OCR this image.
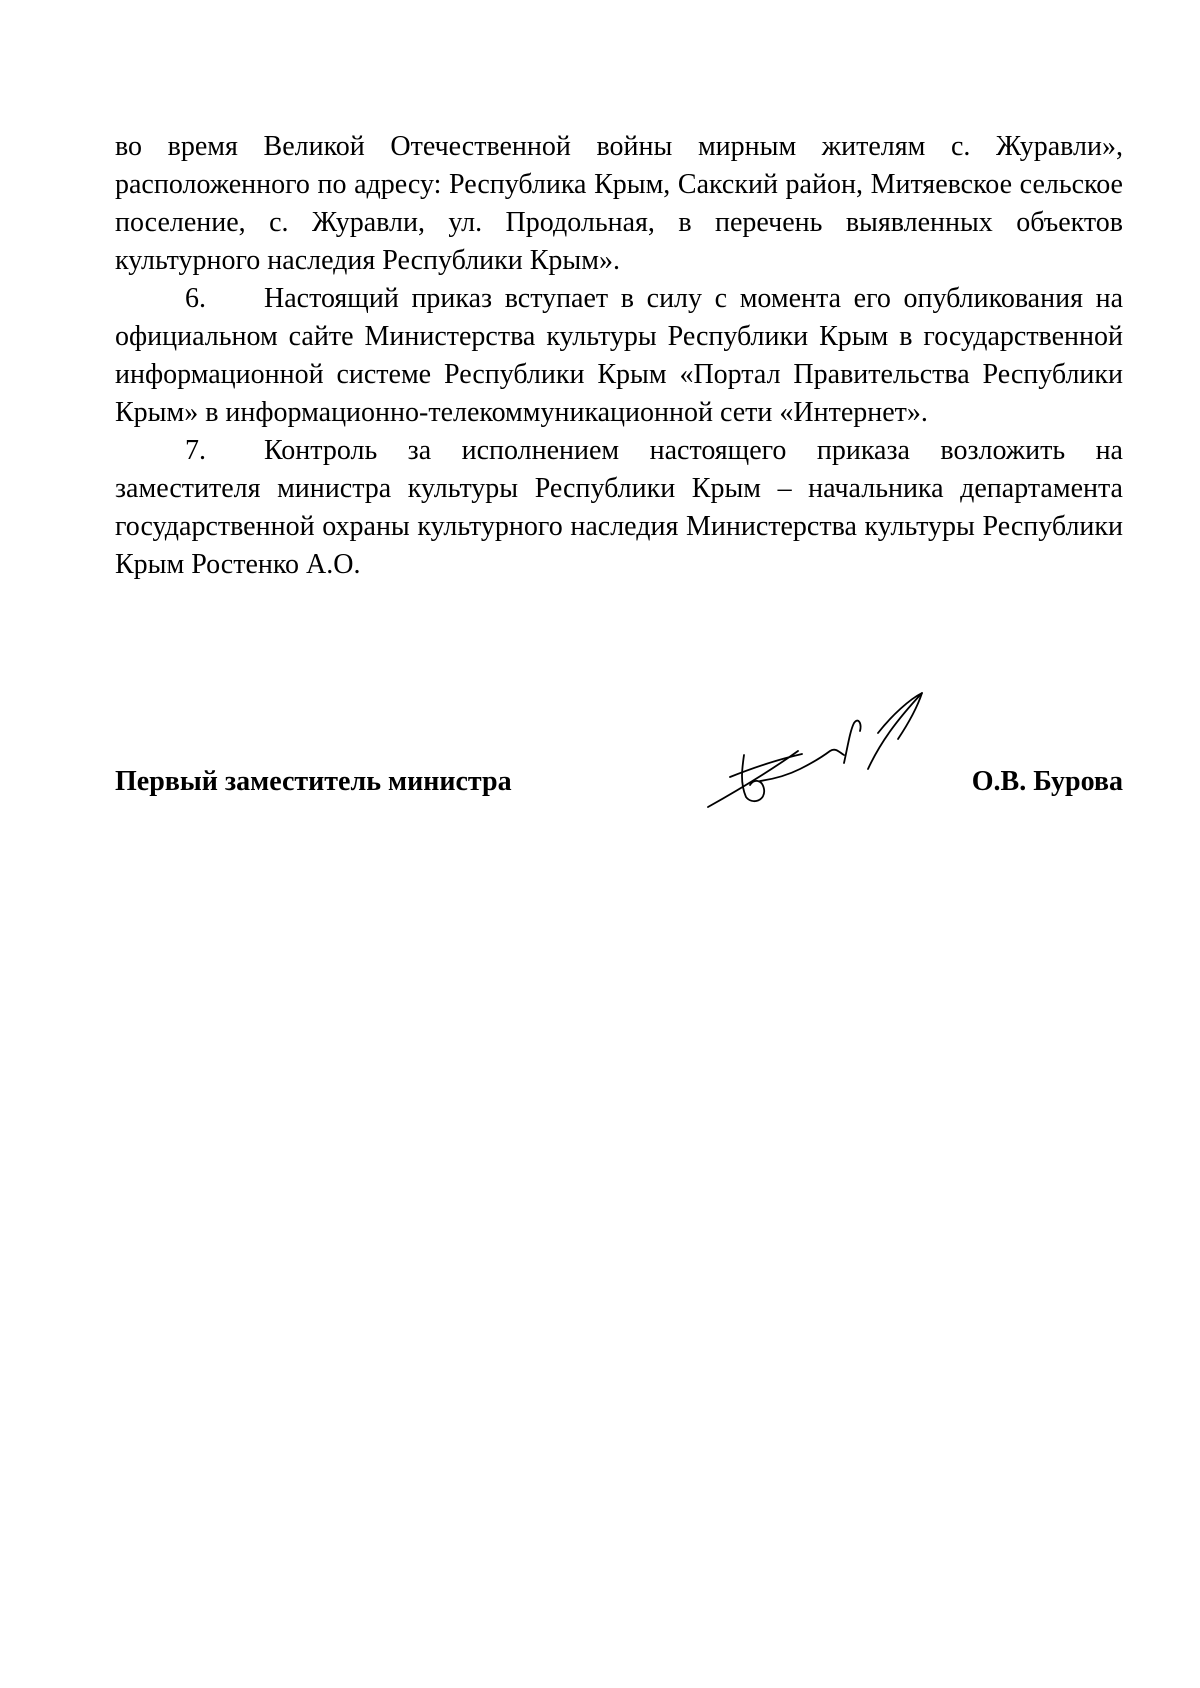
во время Великой Отечественной войны мирным жителям с. Журавли», расположенного по адресу: Республика Крым, Сакский район, Митяевское сельское поселение, с. Журавли, ул. Продольная, в перечень выявленных объектов культурного наследия Республики Крым».

6. Настоящий приказ вступает в силу с момента его опубликования на официальном сайте Министерства культуры Республики Крым в государственной информационной системе Республики Крым «Портал Правительства Республики Крым» в информационно-телекоммуникационной сети «Интернет».

7. Контроль за исполнением настоящего приказа возложить на заместителя министра культуры Республики Крым – начальника департамента государственной охраны культурного наследия Министерства культуры Республики Крым Ростенко А.О.

Первый заместитель министра	О.В. Бурова
